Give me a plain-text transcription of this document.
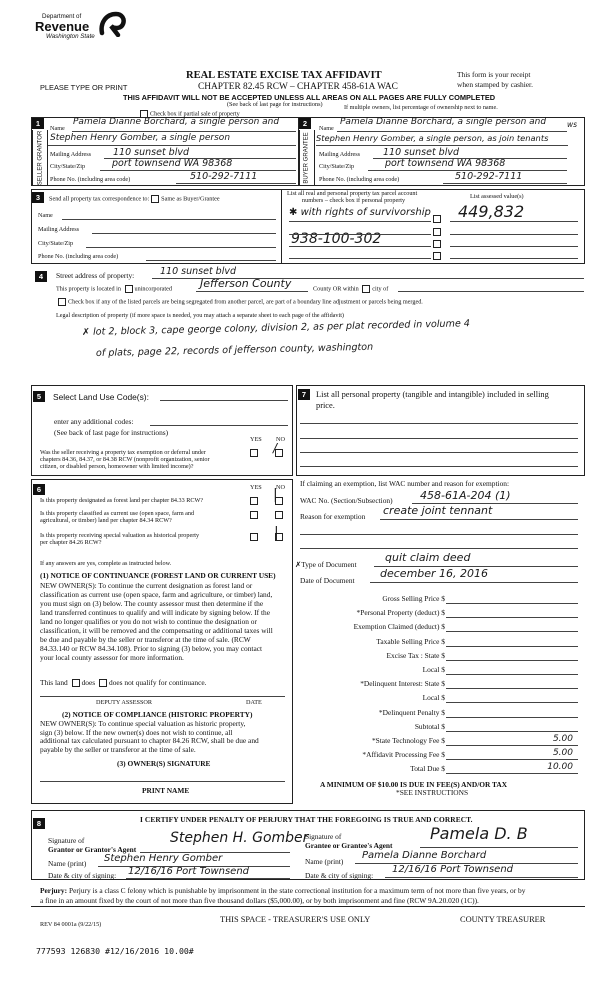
Department of
Revenue
Washington State
PLEASE TYPE OR PRINT
REAL ESTATE EXCISE TAX AFFIDAVIT
CHAPTER 82.45 RCW – CHAPTER 458-61A WAC
THIS AFFIDAVIT WILL NOT BE ACCEPTED UNLESS ALL AREAS ON ALL PAGES ARE FULLY COMPLETED
(See back of last page for instructions)
This form is your receipt
when stamped by cashier.
Check box if partial sale of property
If multiple owners, list percentage of ownership next to name.
1	2
SELLER GRANTOR	BUYER GRANTEE
Name
Pamela Dianne Borchard, a single person and
Stephen Henry Gomber, a single person
Mailing Address 110 sunset blvd
City/State/Zip	port townsend WA 98368
Phone No. (including area code)	510-292-7111
Name
Pamela Dianne Borchard, a single person and	ws
Stephen Henry Gomber, a single person, as join tenants
Mailing Address 110 sunset blvd
City/State/Zip	port townsend WA 98368
Phone No. (including area code)	510-292-7111
3	Send all property tax correspondence to: Same as Buyer/Grantee
Name
Mailing Address
City/State/Zip
Phone No. (including area code)
List all real and personal property tax parcel account
numbers – check box if personal property
List assessed value(s)
✱ with rights of survivorship
938-100-302
449,832
4	Street address of property:	110 sunset blvd
This property is located in unincorporated	Jefferson County	County OR within city of
Check box if any of the listed parcels are being segregated from another parcel, are part of a boundary line adjustment or parcels being merged.
Legal description of property (if more space is needed, you may attach a separate sheet to each page of the affidavit)
✗ lot 2, block 3, cape george colony, division 2, as per plat recorded in volume 4
of plats, page 22, records of jefferson county, washington
5	Select Land Use Code(s):
enter any additional codes:
(See back of last page for instructions)
YES NO
Was the seller receiving a property tax exemption or deferral under
chapters 84.36, 84.37, or 84.38 RCW (nonprofit organization, senior
citizen, or disabled person, homeowner with limited income)?
/
6	YES NO
Is this property designated as forest land per chapter 84.33 RCW?
Is this property classified as current use (open space, farm and
agricultural, or timber) land per chapter 84.34 RCW?
Is this property receiving special valuation as historical property
per chapter 84.26 RCW?
|
|
If any answers are yes, complete as instructed below.
(1) NOTICE OF CONTINUANCE (FOREST LAND OR CURRENT USE)
NEW OWNER(S): To continue the current designation as forest land or
classification as current use (open space, farm and agriculture, or timber) land,
you must sign on (3) below. The county assessor must then determine if the
land transferred continues to qualify and will indicate by signing below. If the
land no longer qualifies or you do not wish to continue the designation or
classification, it will be removed and the compensating or additional taxes will
be due and payable by the seller or transferor at the time of sale. (RCW
84.33.140 or RCW 84.34.108). Prior to signing (3) below, you may contact
your local county assessor for more information.
This land does does not qualify for continuance.
DEPUTY ASSESSOR	DATE
(2) NOTICE OF COMPLIANCE (HISTORIC PROPERTY)
NEW OWNER(S): To continue special valuation as historic property,
sign (3) below. If the new owner(s) does not wish to continue, all
additional tax calculated pursuant to chapter 84.26 RCW, shall be due and
payable by the seller or transferor at the time of sale.
(3) OWNER(S) SIGNATURE
PRINT NAME
7	List all personal property (tangible and intangible) included in selling
price.
If claiming an exemption, list WAC number and reason for exemption:
WAC No. (Section/Subsection) 458-61A-204 (1)
Reason for exemption create joint tennant
✗Type of Document
quit claim deed
Date of Document
december 16, 2016
Gross Selling Price $
*Personal Property (deduct) $
Exemption Claimed (deduct) $
Taxable Selling Price $
Excise Tax : State $
Local $
*Delinquent Interest: State $
Local $
*Delinquent Penalty $
Subtotal $
*State Technology Fee $	5.00
*Affidavit Processing Fee $	5.00
Total Due $	10.00
A MINIMUM OF $10.00 IS DUE IN FEE(S) AND/OR TAX
*SEE INSTRUCTIONS
8	I CERTIFY UNDER PENALTY OF PERJURY THAT THE FOREGOING IS TRUE AND CORRECT.
Signature of
Grantor or Grantor's Agent
Stephen H. Gomber
Name (print) Stephen Henry Gomber
Date & city of signing: 12/16/16 Port Townsend
Signature of
Grantee or Grantee's Agent
Pamela D. B
Name (print)
Pamela Dianne Borchard
Date & city of signing:
12/16/16 Port Townsend
Perjury: Perjury is a class C felony which is punishable by imprisonment in the state correctional institution for a maximum term of not more than five years, or by
a fine in an amount fixed by the court of not more than five thousand dollars ($5,000.00), or by both imprisonment and fine (RCW 9A.20.020 (1C)).
REV 84 0001a (9/22/15)
THIS SPACE - TREASURER'S USE ONLY	COUNTY TREASURER
777593 126830 #12/16/2016 10.00#
